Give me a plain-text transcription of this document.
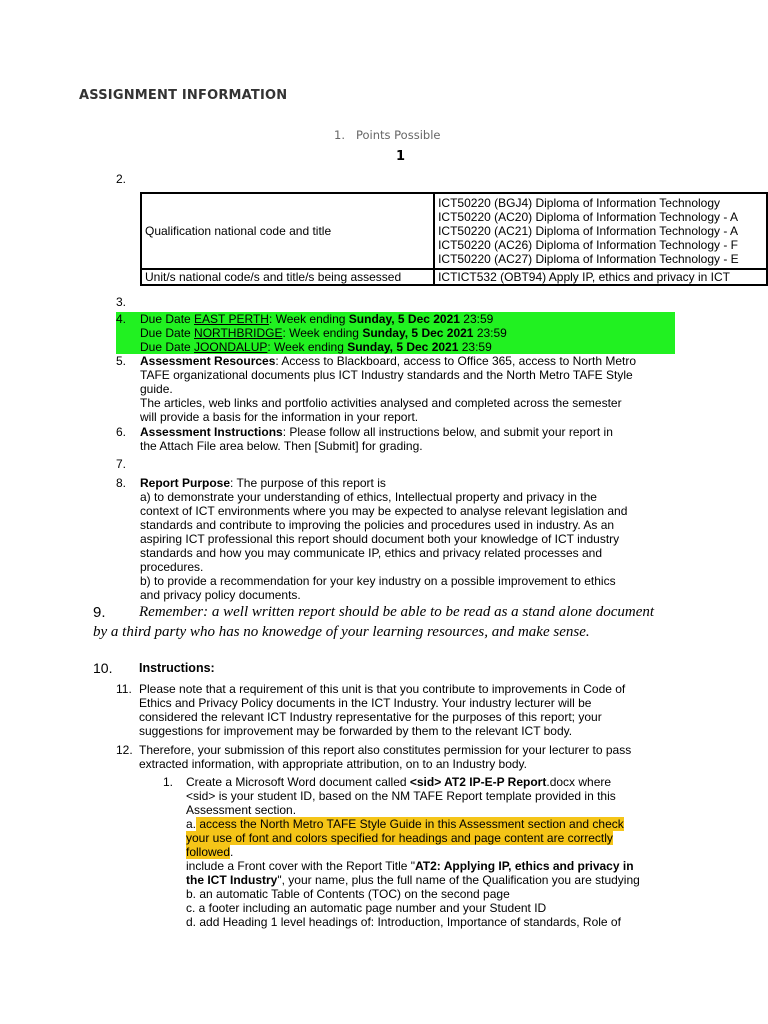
ASSIGNMENT INFORMATION
1. Points Possible
1
2.
Qualification national code and title	ICT50220 (BGJ4) Diploma of Information Technology
ICT50220 (AC20) Diploma of Information Technology - A
ICT50220 (AC21) Diploma of Information Technology - A
ICT50220 (AC26) Diploma of Information Technology - F
ICT50220 (AC27) Diploma of Information Technology - E

Unit/s national code/s and title/s being assessed	ICTICT532 (OBT94) Apply IP, ethics and privacy in ICT
3.
4. Due Date EAST PERTH: Week ending Sunday, 5 Dec 2021 23:59
Due Date NORTHBRIDGE: Week ending Sunday, 5 Dec 2021 23:59
Due Date JOONDALUP: Week ending Sunday, 5 Dec 2021 23:59
5. Assessment Resources: Access to Blackboard, access to Office 365, access to North Metro
TAFE organizational documents plus ICT Industry standards and the North Metro TAFE Style
guide.
The articles, web links and portfolio activities analysed and completed across the semester
will provide a basis for the information in your report.
6. Assessment Instructions: Please follow all instructions below, and submit your report in
the Attach File area below. Then [Submit] for grading.
7.
8. Report Purpose: The purpose of this report is
a) to demonstrate your understanding of ethics, Intellectual property and privacy in the
context of ICT environments where you may be expected to analyse relevant legislation and
standards and contribute to improving the policies and procedures used in industry. As an
aspiring ICT professional this report should document both your knowledge of ICT industry
standards and how you may communicate IP, ethics and privacy related processes and
procedures.
b) to provide a recommendation for your key industry on a possible improvement to ethics
and privacy policy documents.
9. Remember: a well written report should be able to be read as a stand alone document
by a third party who has no knowedge of your learning resources, and make sense.
10. Instructions:
11. Please note that a requirement of this unit is that you contribute to improvements in Code of
Ethics and Privacy Policy documents in the ICT Industry. Your industry lecturer will be
considered the relevant ICT Industry representative for the purposes of this report; your
suggestions for improvement may be forwarded by them to the relevant ICT body.
12. Therefore, your submission of this report also constitutes permission for your lecturer to pass
extracted information, with appropriate attribution, on to an Industry body.
1. Create a Microsoft Word document called <sid> AT2 IP-E-P Report.docx where
<sid> is your student ID, based on the NM TAFE Report template provided in this
Assessment section.
a. access the North Metro TAFE Style Guide in this Assessment section and check
your use of font and colors specified for headings and page content are correctly
followed.
include a Front cover with the Report Title "AT2: Applying IP, ethics and privacy in
the ICT Industry", your name, plus the full name of the Qualification you are studying
b. an automatic Table of Contents (TOC) on the second page
c. a footer including an automatic page number and your Student ID
d. add Heading 1 level headings of: Introduction, Importance of standards, Role of
